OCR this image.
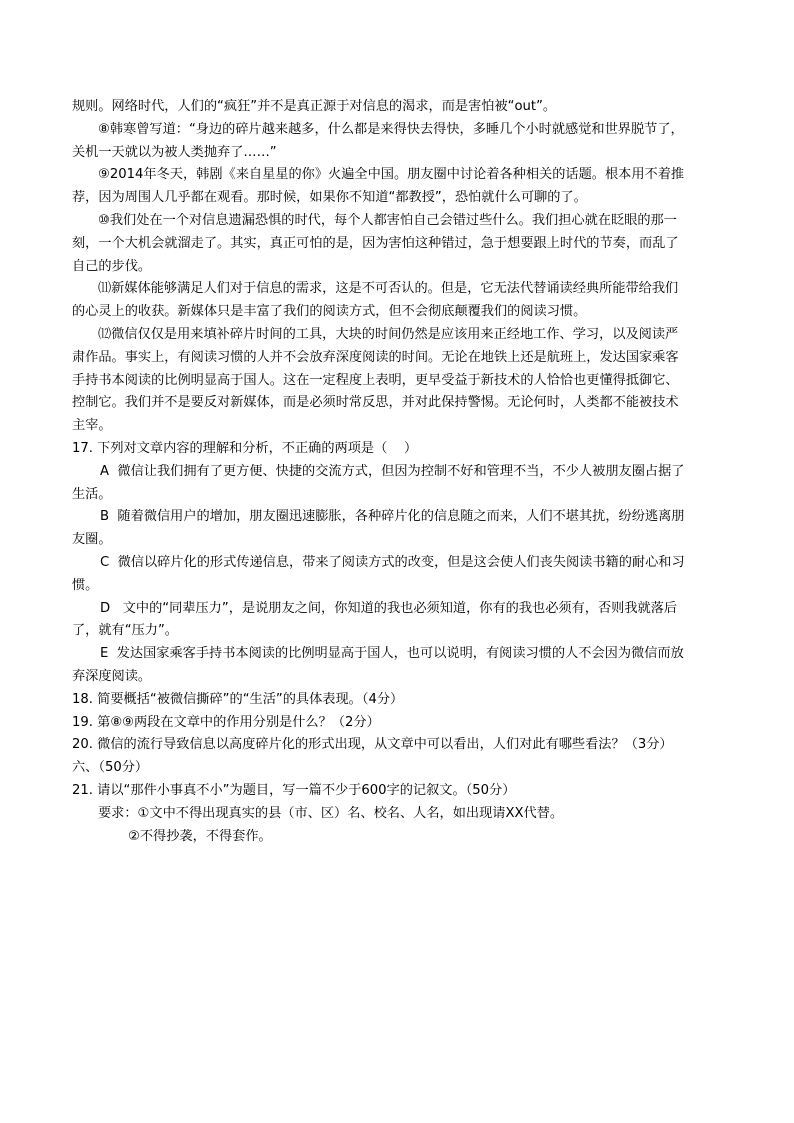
规则。网络时代，人们的“疯狂”并不是真正源于对信息的渴求，而是害怕被“out”。

⑧韩寒曾写道：“身边的碎片越来越多，什么都是来得快去得快，多睡几个小时就感觉和世界脱节了，

关机一天就以为被人类抛弃了……”

⑨2014年冬天，韩剧《来自星星的你》火遍全中国。朋友圈中讨论着各种相关的话题。根本用不着推

荐，因为周围人几乎都在观看。那时候，如果你不知道“都教授”，恐怕就什么可聊的了。

⑩我们处在一个对信息遗漏恐惧的时代，每个人都害怕自己会错过些什么。我们担心就在眨眼的那一

刻，一个大机会就溜走了。其实，真正可怕的是，因为害怕这种错过，急于想要跟上时代的节奏，而乱了

自己的步伐。

⑾新媒体能够满足人们对于信息的需求，这是不可否认的。但是，它无法代替诵读经典所能带给我们

的心灵上的收获。新媒体只是丰富了我们的阅读方式，但不会彻底颠覆我们的阅读习惯。

⑿微信仅仅是用来填补碎片时间的工具，大块的时间仍然是应该用来正经地工作、学习，以及阅读严

肃作品。事实上，有阅读习惯的人并不会放弃深度阅读的时间。无论在地铁上还是航班上，发达国家乘客

手持书本阅读的比例明显高于国人。这在一定程度上表明，更早受益于新技术的人恰恰也更懂得抵御它、

控制它。我们并不是要反对新媒体，而是必须时常反思，并对此保持警惕。无论何时，人类都不能被技术

主宰。

17. 下列对文章内容的理解和分析，不正确的两项是（    ）

A  微信让我们拥有了更方便、快捷的交流方式，但因为控制不好和管理不当，不少人被朋友圈占据了

生活。

B  随着微信用户的增加，朋友圈迅速膨胀，各种碎片化的信息随之而来，人们不堪其扰，纷纷逃离朋

友圈。

C  微信以碎片化的形式传递信息，带来了阅读方式的改变，但是这会使人们丧失阅读书籍的耐心和习

惯。

D   文中的“同辈压力”，是说朋友之间，你知道的我也必须知道，你有的我也必须有，否则我就落后

了，就有“压力”。

E  发达国家乘客手持书本阅读的比例明显高于国人，也可以说明，有阅读习惯的人不会因为微信而放

弃深度阅读。

18. 简要概括“被微信撕碎”的“生活”的具体表现。（4分）

19. 第⑧⑨两段在文章中的作用分别是什么？（2分）

20. 微信的流行导致信息以高度碎片化的形式出现，从文章中可以看出，人们对此有哪些看法？（3分）

六、（50分）

21. 请以“那件小事真不小”为题目，写一篇不少于600字的记叙文。（50分）

要求：①文中不得出现真实的县（市、区）名、校名、人名，如出现请XX代替。

②不得抄袭，不得套作。
